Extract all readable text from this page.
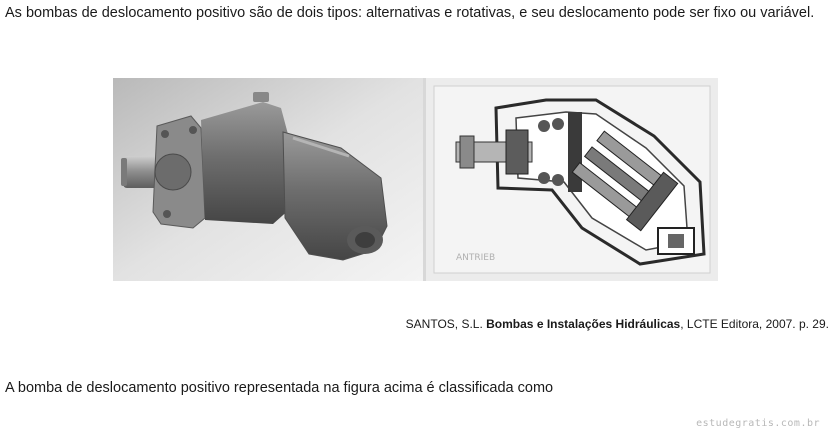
As bombas de deslocamento positivo são de dois tipos: alternativas e rotativas, e seu deslocamento pode ser fixo ou variável.
ANTRIEB
SANTOS, S.L. Bombas e Instalações Hidráulicas, LCTE Editora, 2007. p. 29.
A bomba de deslocamento positivo representada na figura acima é classificada como
estudegratis.com.br
